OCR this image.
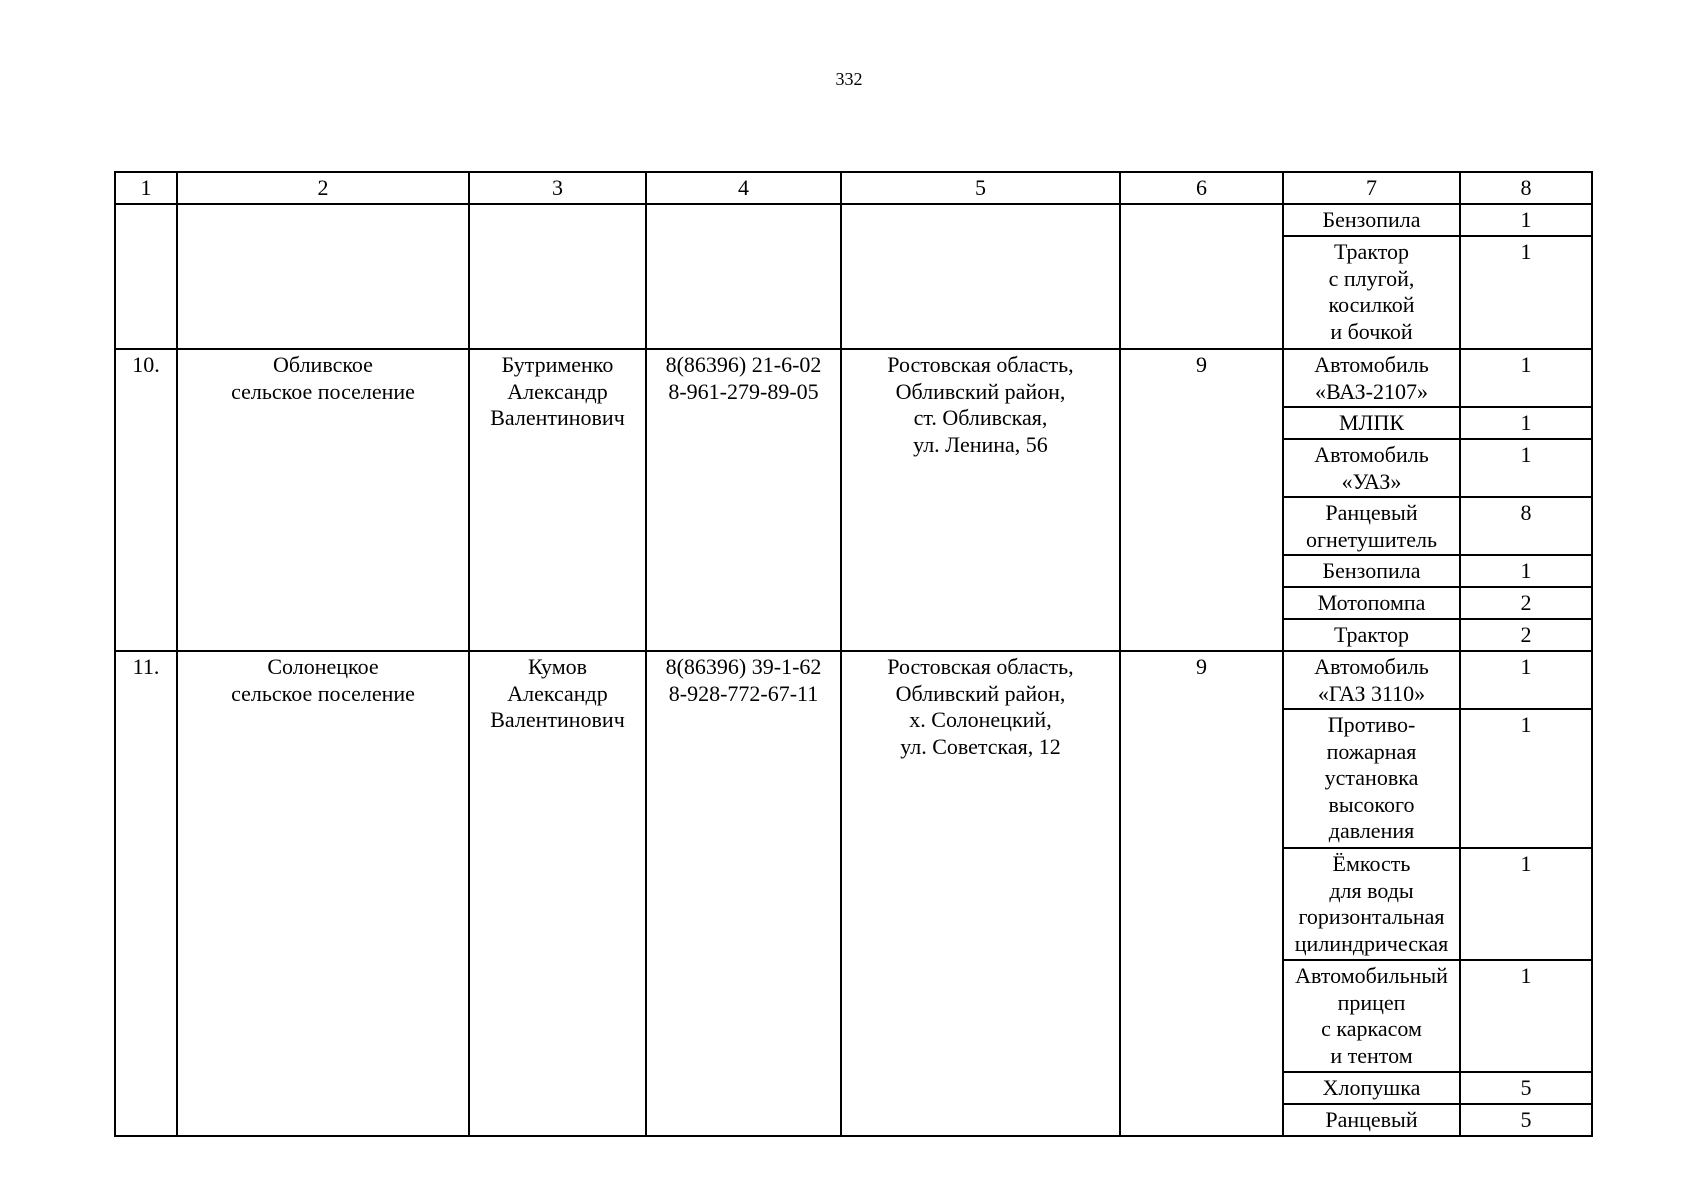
332
1	2	3	4	5	6	7	8
						Бензопила	1
						Трактор
с плугой,
косилкой
и бочкой	1
10.	Обливское
сельское поселение	Бутрименко
Александр
Валентинович	8(86396) 21-6-02
8-961-279-89-05	Ростовская область,
Обливский район,
ст. Обливская,
ул. Ленина, 56	9	Автомобиль
«ВАЗ-2107»	1
						МЛПК	1
						Автомобиль
«УАЗ»	1
						Ранцевый
огнетушитель	8
						Бензопила	1
						Мотопомпа	2
						Трактор	2
11.	Солонецкое
сельское поселение	Кумов
Александр
Валентинович	8(86396) 39-1-62
8-928-772-67-11	Ростовская область,
Обливский район,
х. Солонецкий,
ул. Советская, 12	9	Автомобиль
«ГАЗ 3110»	1
						Противо-
пожарная
установка
высокого
давления	1
						Ёмкость
для воды
горизонтальная
цилиндрическая	1
						Автомобильный
прицеп
с каркасом
и тентом	1
						Хлопушка	5
						Ранцевый	5
